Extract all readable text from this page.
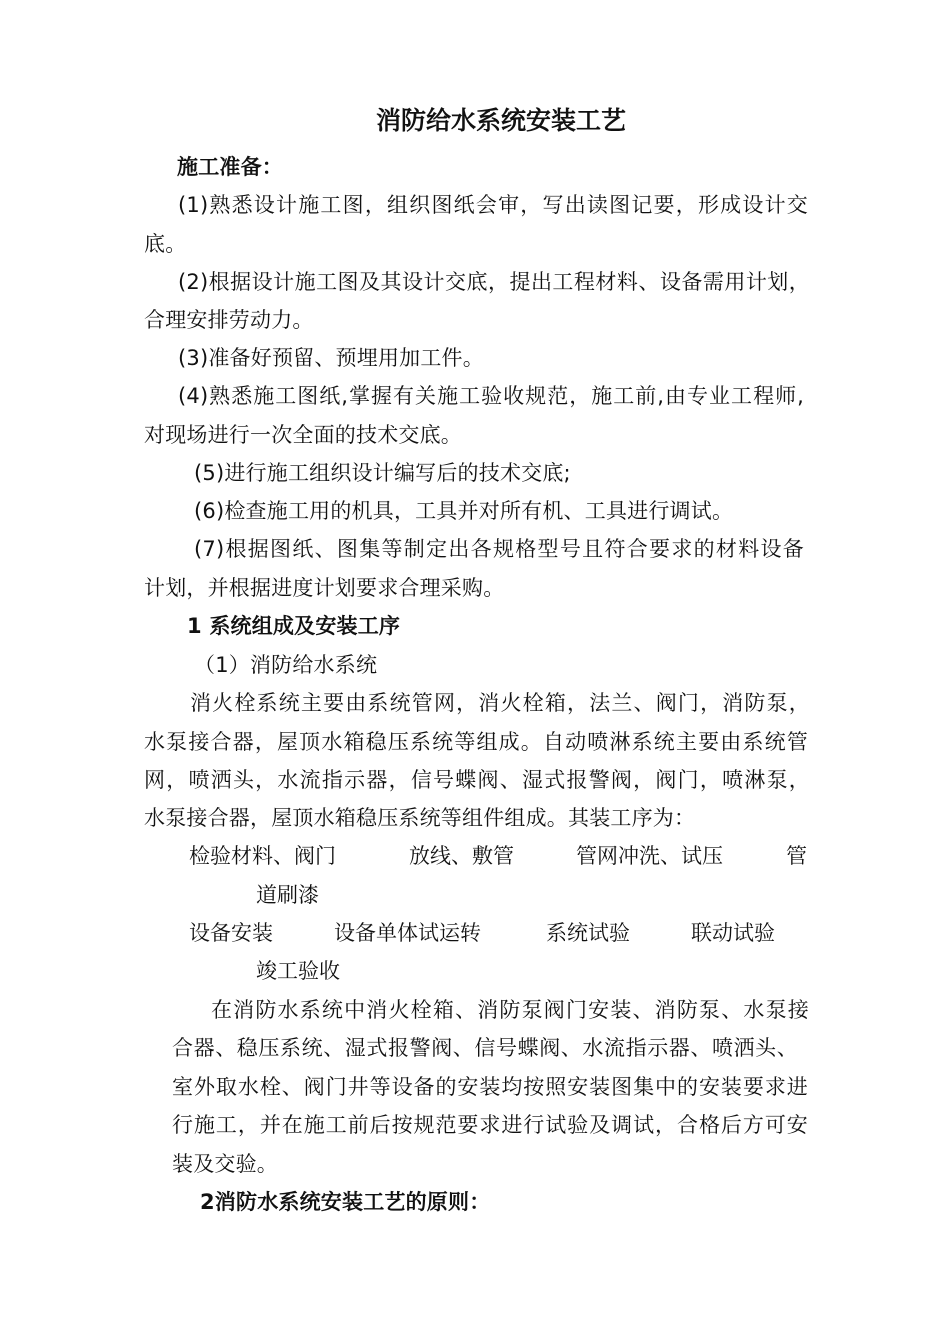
消防给水系统安装工艺
施工准备：
(1)熟悉设计施工图，组织图纸会审，写出读图记要，形成设计交
底。
(2)根据设计施工图及其设计交底，提出工程材料、设备需用计划，
合理安排劳动力。
(3)准备好预留、预埋用加工件。
(4)熟悉施工图纸,掌握有关施工验收规范，施工前,由专业工程师,
对现场进行一次全面的技术交底。
(5)进行施工组织设计编写后的技术交底;
(6)检查施工用的机具，工具并对所有机、工具进行调试。
(7)根据图纸、图集等制定出各规格型号且符合要求的材料设备
计划，并根据进度计划要求合理采购。
1 系统组成及安装工序
（1）消防给水系统
消火栓系统主要由系统管网，消火栓箱，法兰、阀门，消防泵，
水泵接合器，屋顶水箱稳压系统等组成。自动喷淋系统主要由系统管
网，喷洒头，水流指示器，信号蝶阀、湿式报警阀，阀门，喷淋泵，
水泵接合器，屋顶水箱稳压系统等组件组成。其装工序为：
检验材料、阀门	放线、敷管	管网冲洗、试压	管
道刷漆
设备安装	设备单体试运转	系统试验	联动试验
竣工验收
在消防水系统中消火栓箱、消防泵阀门安装、消防泵、水泵接
合器、稳压系统、湿式报警阀、信号蝶阀、水流指示器、喷洒头、
室外取水栓、阀门井等设备的安装均按照安装图集中的安装要求进
行施工，并在施工前后按规范要求进行试验及调试，合格后方可安
装及交验。
2消防水系统安装工艺的原则：
